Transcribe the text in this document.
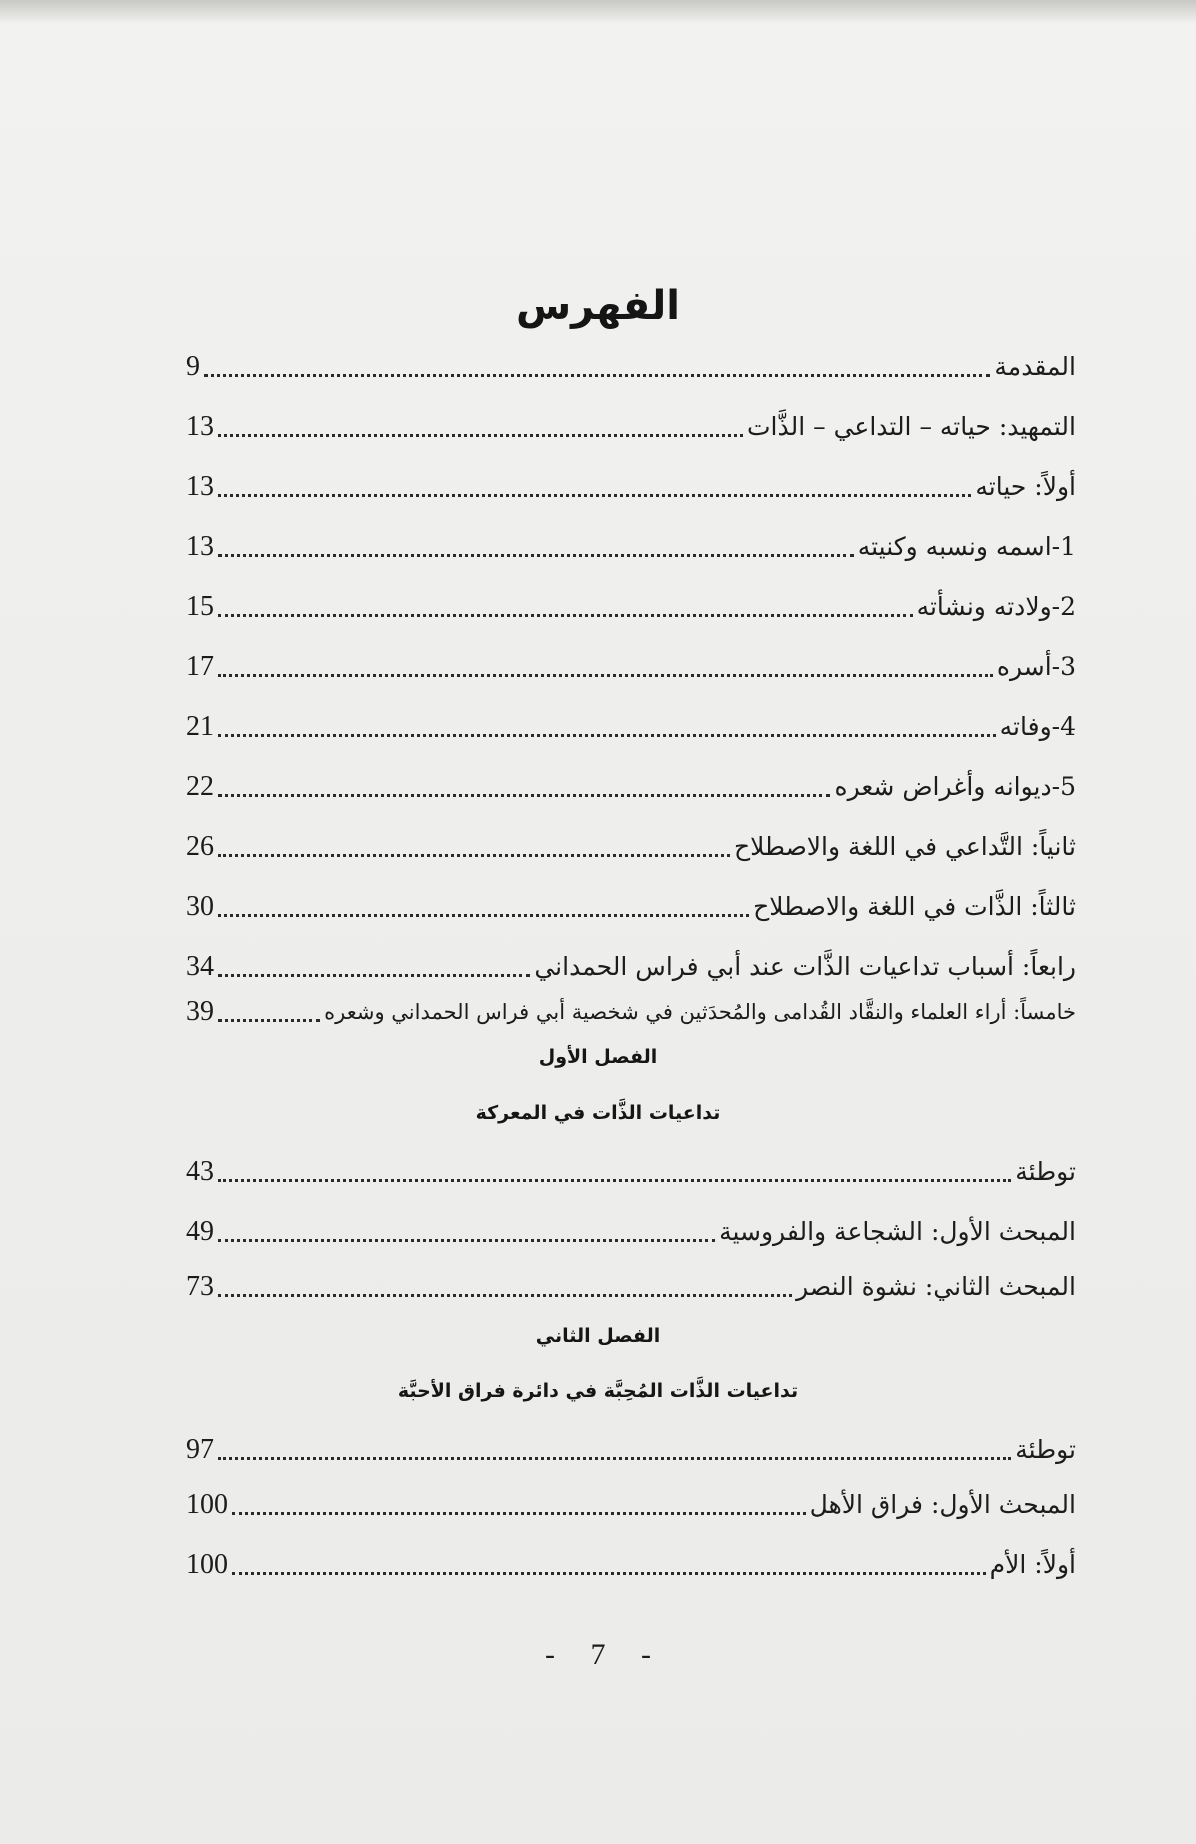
الفهرس
المقدمة
9
التمهيد: حياته – التداعي – الذَّات
13
أولاً: حياته
13
1-اسمه ونسبه وكنيته
13
2-ولادته ونشأته
15
3-أسره
17
4-وفاته
21
5-ديوانه وأغراض شعره
22
ثانياً: التَّداعي في اللغة والاصطلاح
26
ثالثاً: الذَّات في اللغة والاصطلاح
30
رابعاً: أسباب تداعيات الذَّات عند أبي فراس الحمداني
34
خامساً: أراء العلماء والنقَّاد القُدامى والمُحدَثين في شخصية أبي فراس الحمداني وشعره
39
الفصل الأول
تداعيات الذَّات في المعركة
توطئة
43
المبحث الأول: الشجاعة والفروسية
49
المبحث الثاني: نشوة النصر
73
الفصل الثاني
تداعيات الذَّات المُحِبَّة في دائرة فراق الأحبَّة
توطئة
97
المبحث الأول: فراق الأهل
100
أولاً: الأم
100
- 7 -
